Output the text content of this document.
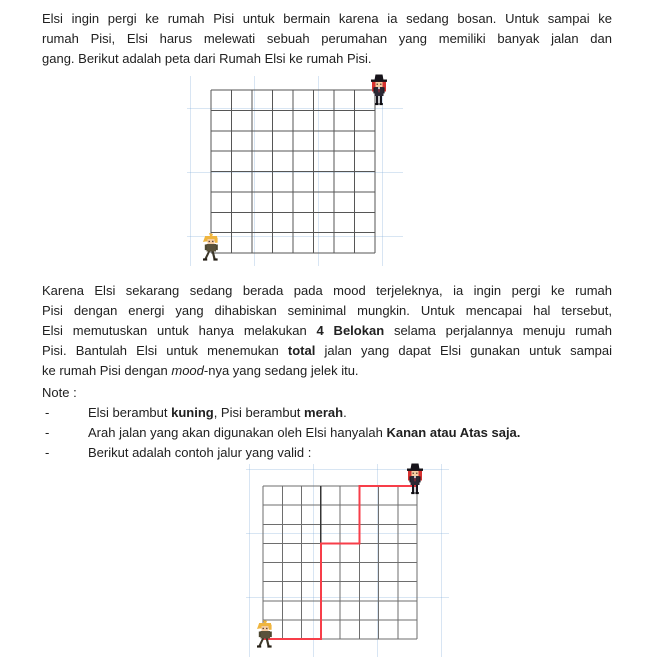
Elsi ingin pergi ke rumah Pisi untuk bermain karena ia sedang bosan. Untuk sampai ke
rumah Pisi, Elsi harus melewati sebuah perumahan yang memiliki banyak jalan dan
gang. Berikut adalah peta dari Rumah Elsi ke rumah Pisi.
Karena Elsi sekarang sedang berada pada mood terjeleknya, ia ingin pergi ke rumah
Pisi dengan energi yang dihabiskan seminimal mungkin. Untuk mencapai hal tersebut,
Elsi memutuskan untuk hanya melakukan 4 Belokan selama perjalannya menuju rumah
Pisi. Bantulah Elsi untuk menemukan total jalan yang dapat Elsi gunakan untuk sampai
ke rumah Pisi dengan mood-nya yang sedang jelek itu.
Note :
-	Elsi berambut kuning, Pisi berambut merah.
-	Arah jalan yang akan digunakan oleh Elsi hanyalah Kanan atau Atas saja.
-	Berikut adalah contoh jalur yang valid :
